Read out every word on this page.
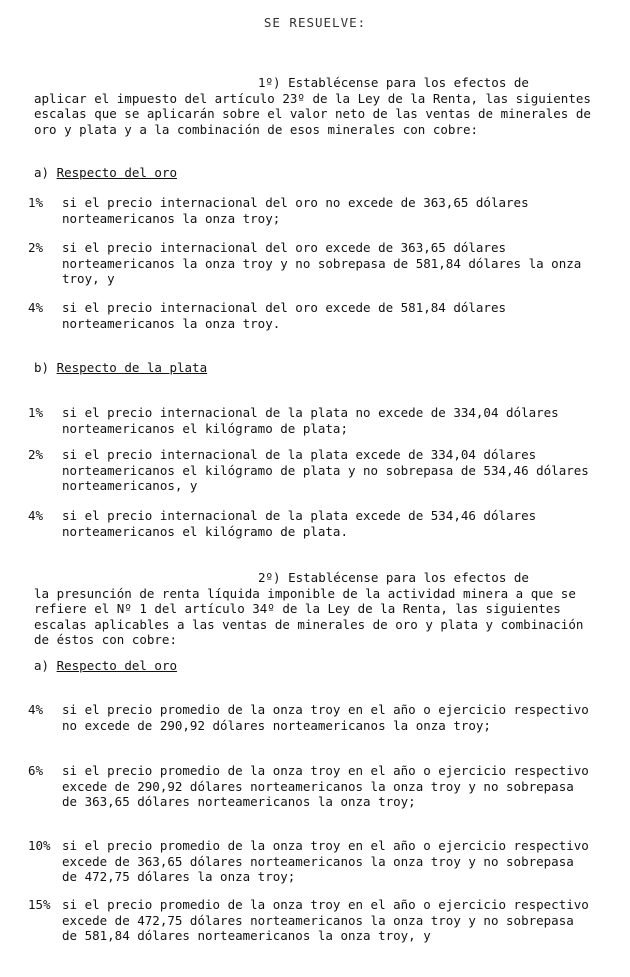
SE RESUELVE:
1º) Establécense para los efectos de
aplicar el impuesto del artículo 23º de la Ley de la Renta, las siguientes escalas que se aplicarán sobre el valor neto de las ventas de minerales de oro y plata y a la combinación de esos minerales con cobre:
a) Respecto del oro
1%	si el precio internacional del oro no excede de 363,65 dólares norteamericanos la onza troy;
2%	si el precio internacional del oro excede de 363,65 dólares norteamericanos la onza troy y no sobrepasa de 581,84 dólares la onza troy, y
4%	si el precio internacional del oro excede de 581,84 dólares norteamericanos la onza troy.
b) Respecto de la plata
1%	si el precio internacional de la plata no excede de 334,04 dólares norteamericanos el kilógramo de plata;
2%	si el precio internacional de la plata excede de 334,04 dólares norteamericanos el kilógramo de plata y no sobrepasa de 534,46 dólares norteamericanos, y
4%	si el precio internacional de la plata excede de 534,46 dólares norteamericanos el kilógramo de plata.
2º) Establécense para los efectos de
la presunción de renta líquida imponible de la actividad minera a que se refiere el Nº 1 del artículo 34º de la Ley de la Renta, las siguientes escalas aplicables a las ventas de minerales de oro y plata y combinación de éstos con cobre:
a) Respecto del oro
4%	si el precio promedio de la onza troy en el año o ejercicio respectivo no excede de 290,92 dólares norteamericanos la onza troy;
6%	si el precio promedio de la onza troy en el año o ejercicio respectivo excede de 290,92 dólares norteamericanos la onza troy y no sobrepasa de 363,65 dólares norteamericanos la onza troy;
10% si el precio promedio de la onza troy en el año o ejercicio respectivo excede de 363,65 dólares norteamericanos la onza troy y no sobrepasa de 472,75 dólares la onza troy;
15% si el precio promedio de la onza troy en el año o ejercicio respectivo excede de 472,75 dólares norteamericanos la onza troy y no sobrepasa de 581,84 dólares norteamericanos la onza troy, y
